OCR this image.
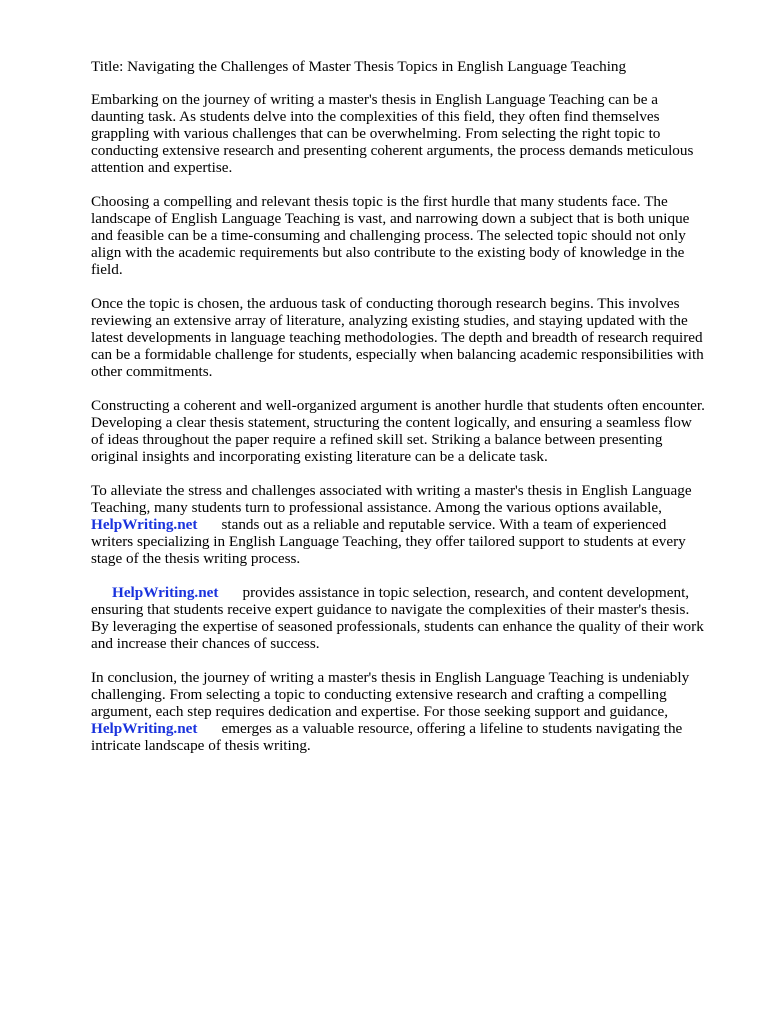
Title: Navigating the Challenges of Master Thesis Topics in English Language Teaching
Embarking on the journey of writing a master's thesis in English Language Teaching can be a
daunting task. As students delve into the complexities of this field, they often find themselves
grappling with various challenges that can be overwhelming. From selecting the right topic to
conducting extensive research and presenting coherent arguments, the process demands meticulous
attention and expertise.
Choosing a compelling and relevant thesis topic is the first hurdle that many students face. The
landscape of English Language Teaching is vast, and narrowing down a subject that is both unique
and feasible can be a time-consuming and challenging process. The selected topic should not only
align with the academic requirements but also contribute to the existing body of knowledge in the
field.
Once the topic is chosen, the arduous task of conducting thorough research begins. This involves
reviewing an extensive array of literature, analyzing existing studies, and staying updated with the
latest developments in language teaching methodologies. The depth and breadth of research required
can be a formidable challenge for students, especially when balancing academic responsibilities with
other commitments.
Constructing a coherent and well-organized argument is another hurdle that students often encounter.
Developing a clear thesis statement, structuring the content logically, and ensuring a seamless flow
of ideas throughout the paper require a refined skill set. Striking a balance between presenting
original insights and incorporating existing literature can be a delicate task.
To alleviate the stress and challenges associated with writing a master's thesis in English Language
Teaching, many students turn to professional assistance. Among the various options available,
HelpWriting.net stands out as a reliable and reputable service. With a team of experienced
writers specializing in English Language Teaching, they offer tailored support to students at every
stage of the thesis writing process.
HelpWriting.net provides assistance in topic selection, research, and content development,
ensuring that students receive expert guidance to navigate the complexities of their master's thesis.
By leveraging the expertise of seasoned professionals, students can enhance the quality of their work
and increase their chances of success.
In conclusion, the journey of writing a master's thesis in English Language Teaching is undeniably
challenging. From selecting a topic to conducting extensive research and crafting a compelling
argument, each step requires dedication and expertise. For those seeking support and guidance,
HelpWriting.net emerges as a valuable resource, offering a lifeline to students navigating the
intricate landscape of thesis writing.
